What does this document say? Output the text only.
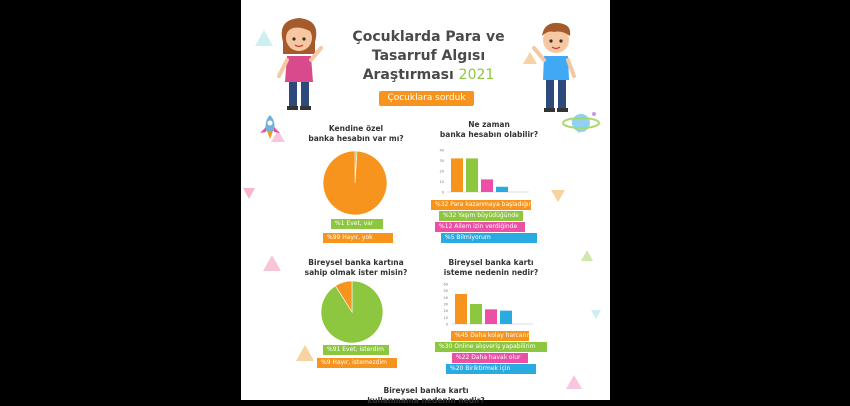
Çocuklarda Para ve
Tasarruf Algısı
Araştırması 2021
Çocuklara sorduk
Kendine özel
banka hesabın var mı?
%1 Evet, var
%99 Hayır, yok
Ne zaman
banka hesabın olabilir?
40
30
20
10
0
%32 Para kazanmaya başladığımda
%32 Yaşım büyüdüğünde
%12 Ailem izin verdiğinde
%5 Bilmiyorum
Bireysel banka kartına
sahip olmak ister misin?
%91 Evet, isterdim
%9 Hayır, istemezdim
Bireysel banka kartı
isteme nedenin nedir?
60
50
40
30
20
10
0
%45 Daha kolay harcarım
%30 Online alışveriş yapabilirim
%22 Daha havalı olur
%20 Biriktirmek için
Bireysel banka kartı
kullanmama nedenin nedir?
